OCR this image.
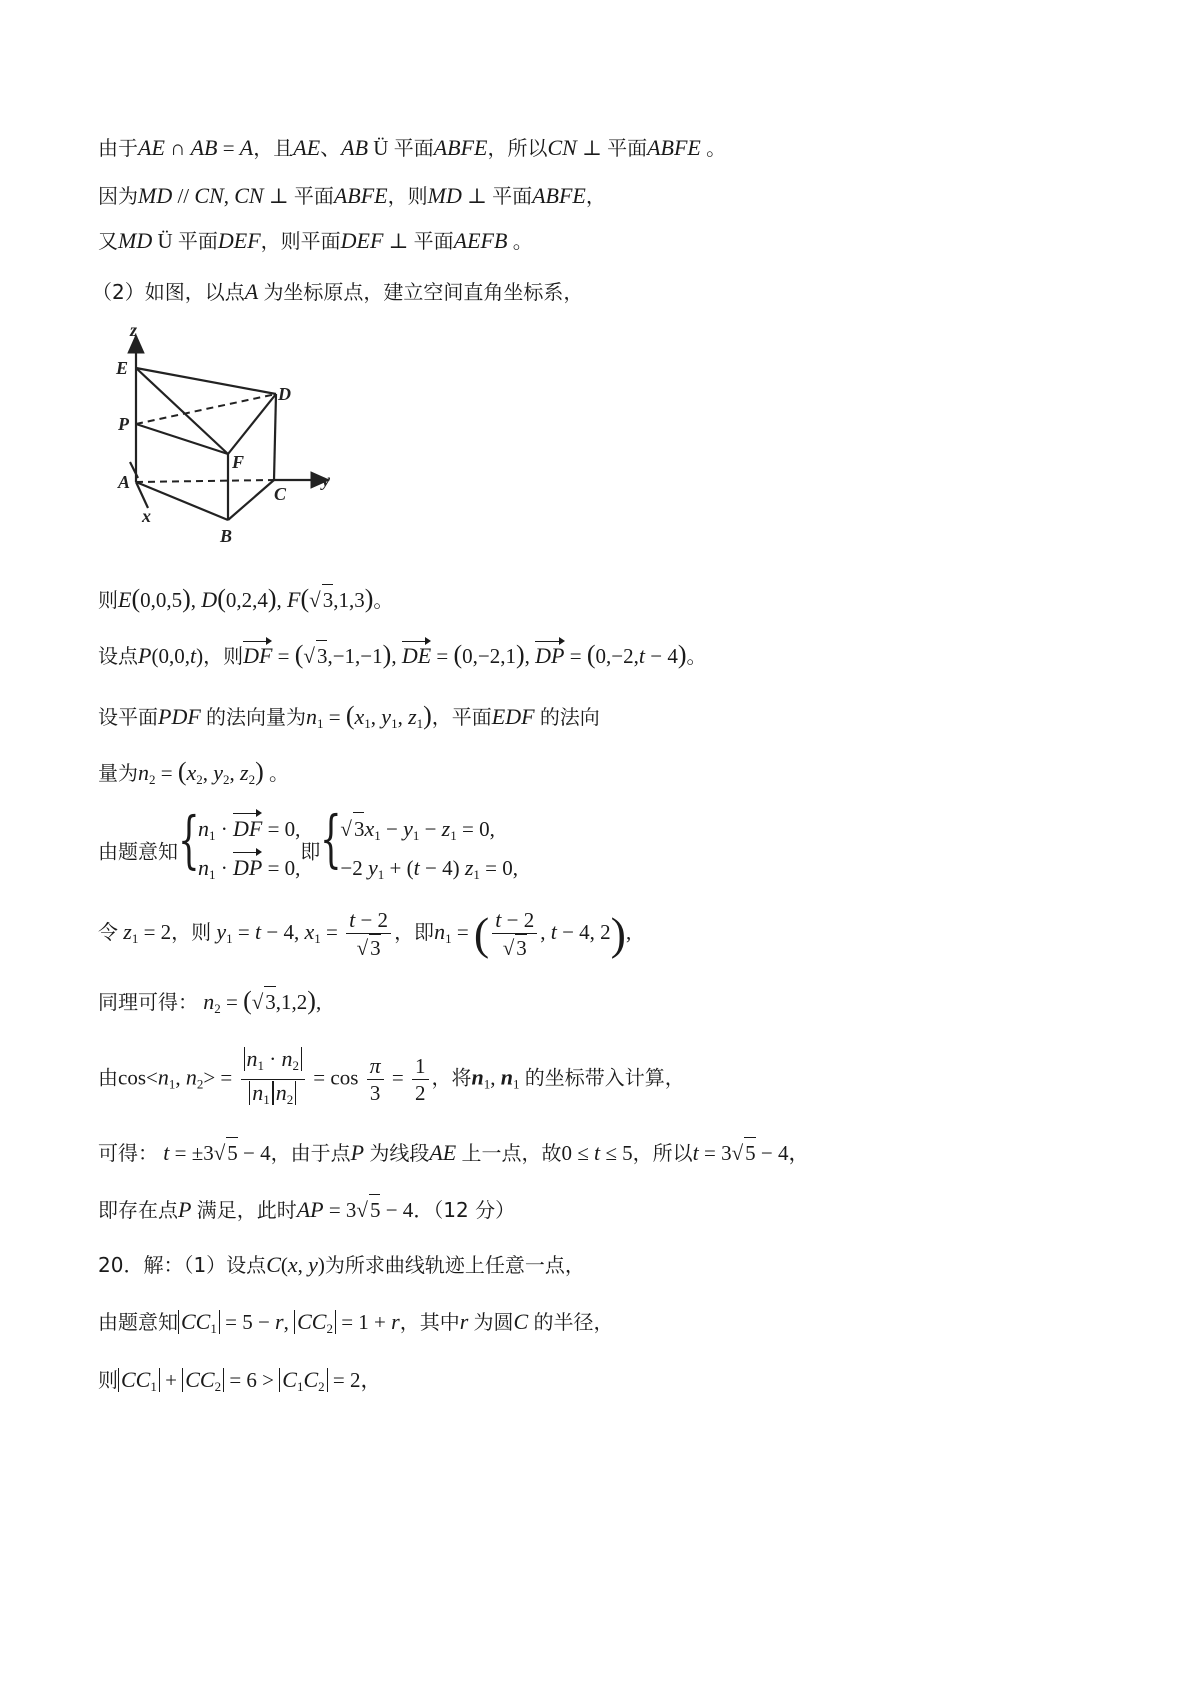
由于AE ∩ AB = A，且AE、AB Ü 平面ABFE，所以CN ⊥ 平面ABFE 。
因为MD // CN, CN ⊥ 平面ABFE，则MD ⊥ 平面ABFE，
又MD Ü 平面DEF，则平面DEF ⊥ 平面AEFB 。
（2）如图，以点A 为坐标原点，建立空间直角坐标系，
z
E
D
P
F
A
C
y
x
B
则E(0,0,5), D(0,2,4), F(√3,1,3)。
设点P(0,0,t)，则DF = (√3,−1,−1), DE = (0,−2,1), DP = (0,−2,t − 4)。
设平面PDF 的法向量为$n_1 = (x_1$, $y_1$, $z_1$)，平面EDF 的法向
量为$n_2 = (x_2$, $y_2$, $z_2$) 。
由题意知 {
$n_1$ · DF = 0,
$n_1$ · DP = 0,
即 {
$√3x_1 - y_1 - z_1 = 0$,
−2 $y_1 + (t - 4) z_1 = 0$,
令 $z_1 = 2$，则 $y_1 = t - 4$, $x_1 = \frac{t - 2}{√3}$ ，即$n_1$ = ( $\frac{t - 2}{√3}$ , t − 4, 2),
同理可得： $n_2 = (√3,1,2)$,
由$\cos<n_1$, $n_2> = \frac{n_1 \cdot n_2}{n_1 n_2} = \cos \frac{\pi}{3} = \frac{1}{2}$ ，将$n_1$, $n_1$ 的坐标带入计算，
可得： t = ±3√5 − 4，由于点P 为线段AE 上一点，故0 ≤ t ≤ 5，所以t = 3√5 − 4，
即存在点P 满足，此时AP = 3√5 − 4．（12 分）
20．解：（1）设点C(x, y)为所求曲线轨迹上任意一点，
由题意知 $CC_1 = 5 - r$, $CC_2 = 1 + r$，其中r 为圆C 的半径，
则 $CC_1 + CC_2 = 6 > C_1C_2 = 2$，
